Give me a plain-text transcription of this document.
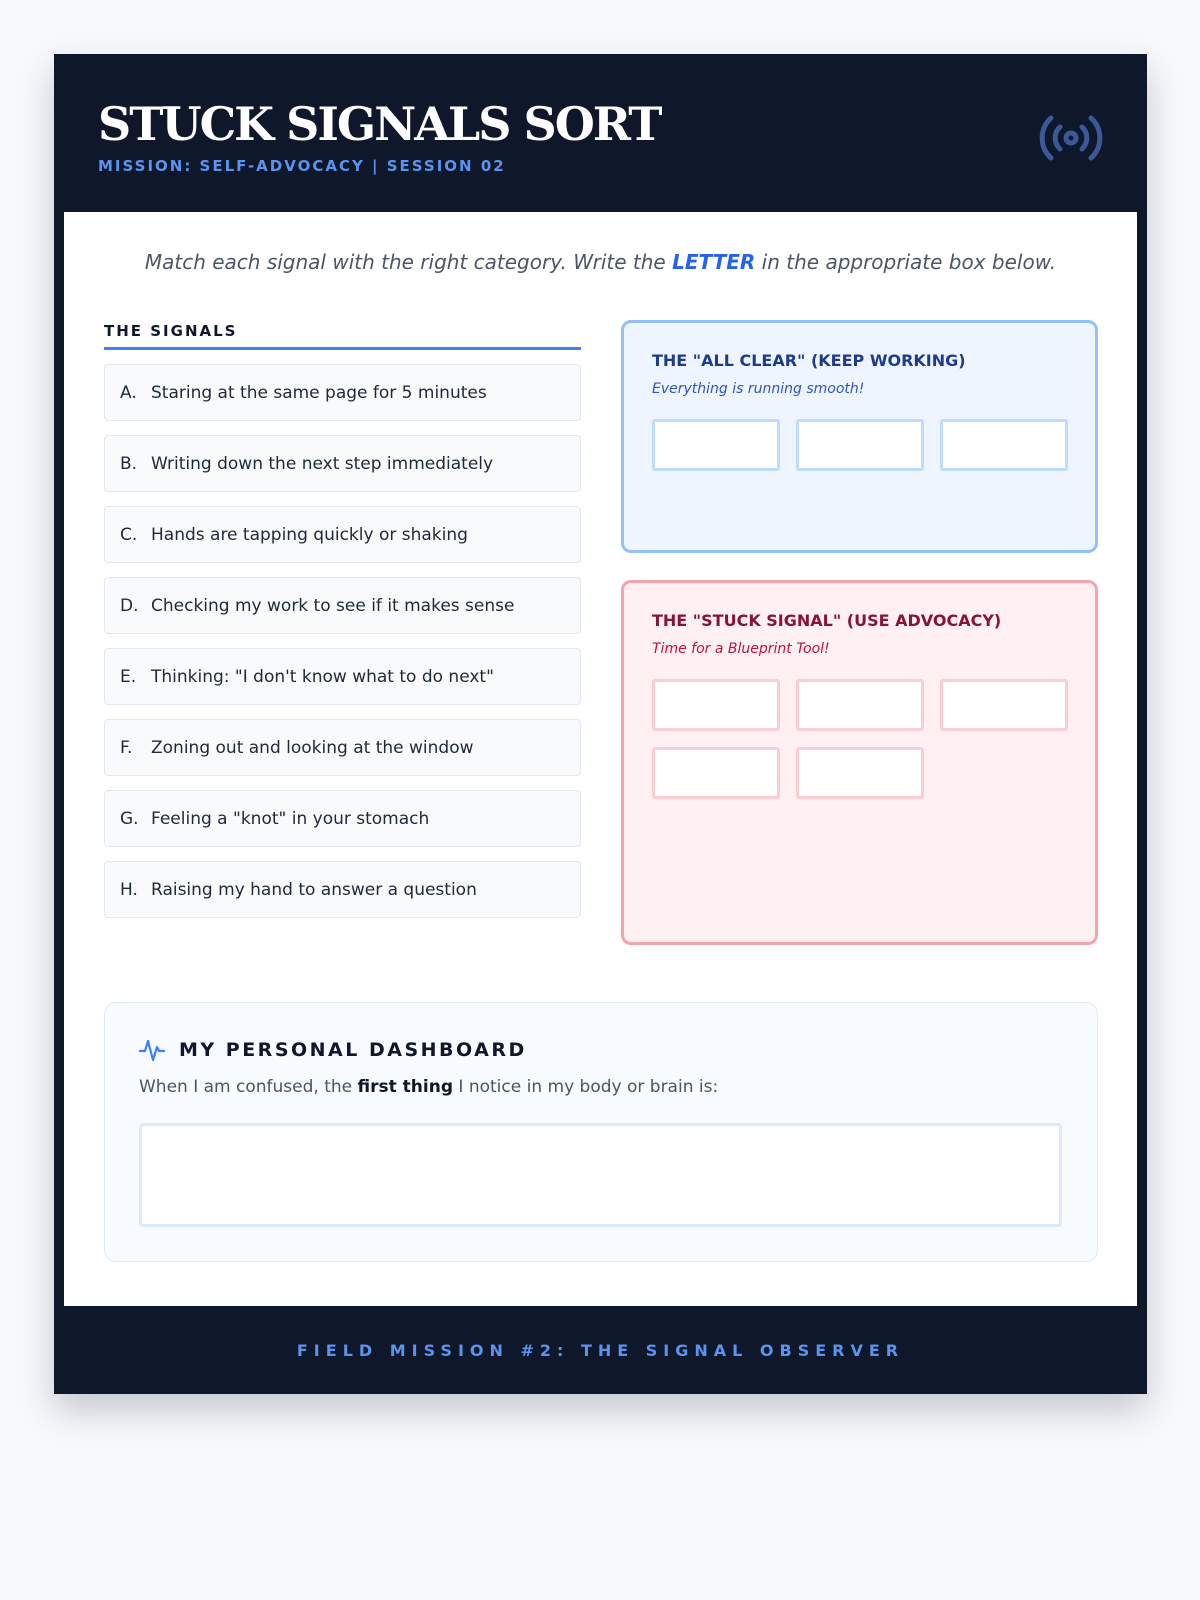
STUCK SIGNALS SORT
MISSION: SELF-ADVOCACY | SESSION 02

Match each signal with the right category. Write the LETTER in the appropriate box below.

THE SIGNALS
A. Staring at the same page for 5 minutes
B. Writing down the next step immediately
C. Hands are tapping quickly or shaking
D. Checking my work to see if it makes sense
E. Thinking: "I don't know what to do next"
F.	Zoning out and looking at the window
G. Feeling a "knot" in your stomach
H. Raising my hand to answer a question
THE "ALL CLEAR" (KEEP WORKING)
Everything is running smooth!
THE "STUCK SIGNAL" (USE ADVOCACY)
Time for a Blueprint Tool!
MY PERSONAL DASHBOARD

When I am confused, the first thing I notice in my body or brain is:

FIELD MISSION #2: THE SIGNAL OBSERVER
